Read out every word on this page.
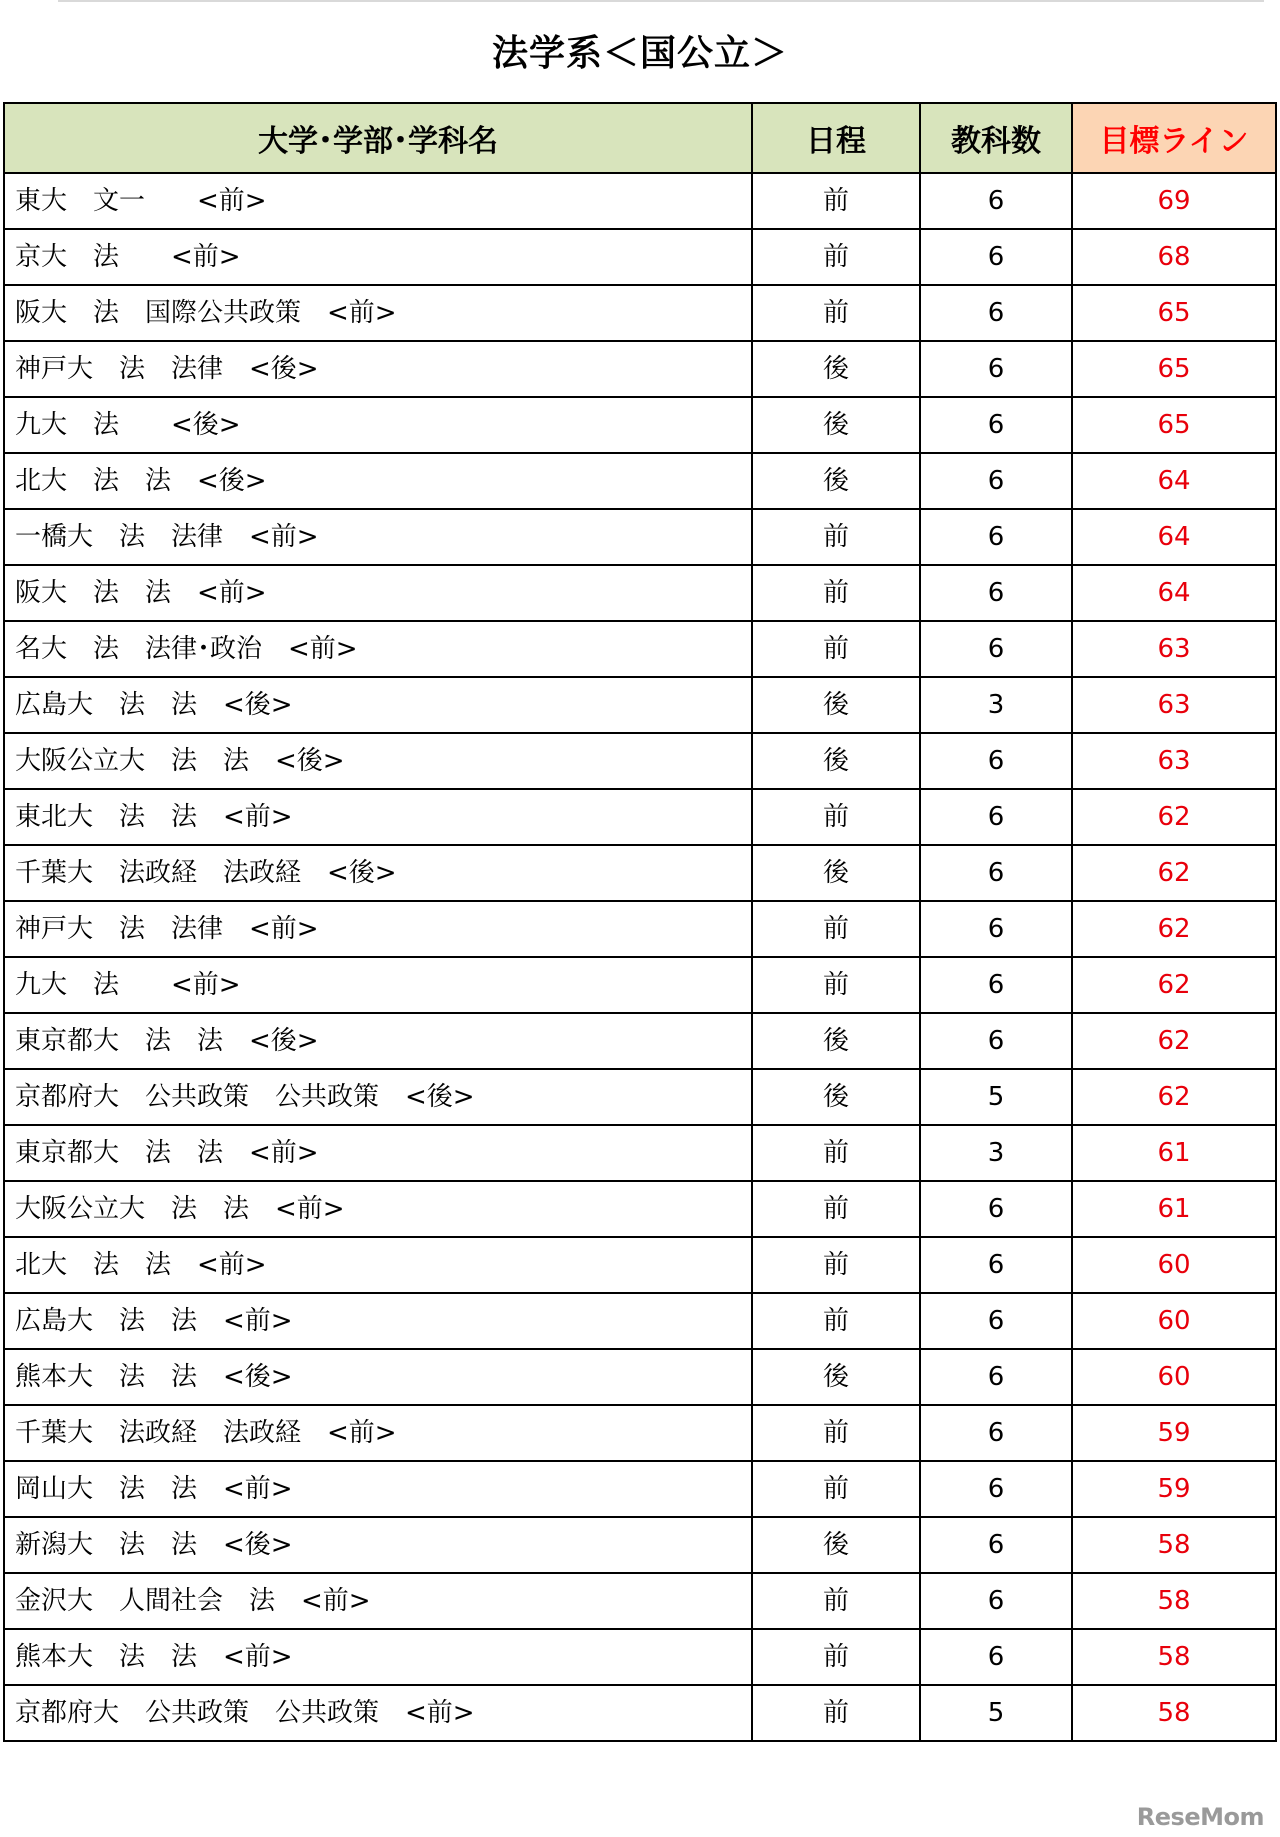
法学系＜国公立＞
大学･学部･学科名	日程	教科数	目標ライン
東大　文一　　<前>	前	6	69
京大　法　　<前>	前	6	68
阪大　法　国際公共政策　<前>	前	6	65
神戸大　法　法律　<後>	後	6	65
九大　法　　<後>	後	6	65
北大　法　法　<後>	後	6	64
一橋大　法　法律　<前>	前	6	64
阪大　法　法　<前>	前	6	64
名大　法　法律･政治　<前>	前	6	63
広島大　法　法　<後>	後	3	63
大阪公立大　法　法　<後>	後	6	63
東北大　法　法　<前>	前	6	62
千葉大　法政経　法政経　<後>	後	6	62
神戸大　法　法律　<前>	前	6	62
九大　法　　<前>	前	6	62
東京都大　法　法　<後>	後	6	62
京都府大　公共政策　公共政策　<後>	後	5	62
東京都大　法　法　<前>	前	3	61
大阪公立大　法　法　<前>	前	6	61
北大　法　法　<前>	前	6	60
広島大　法　法　<前>	前	6	60
熊本大　法　法　<後>	後	6	60
千葉大　法政経　法政経　<前>	前	6	59
岡山大　法　法　<前>	前	6	59
新潟大　法　法　<後>	後	6	58
金沢大　人間社会　法　<前>	前	6	58
熊本大　法　法　<前>	前	6	58
京都府大　公共政策　公共政策　<前>	前	5	58
ReseMom
